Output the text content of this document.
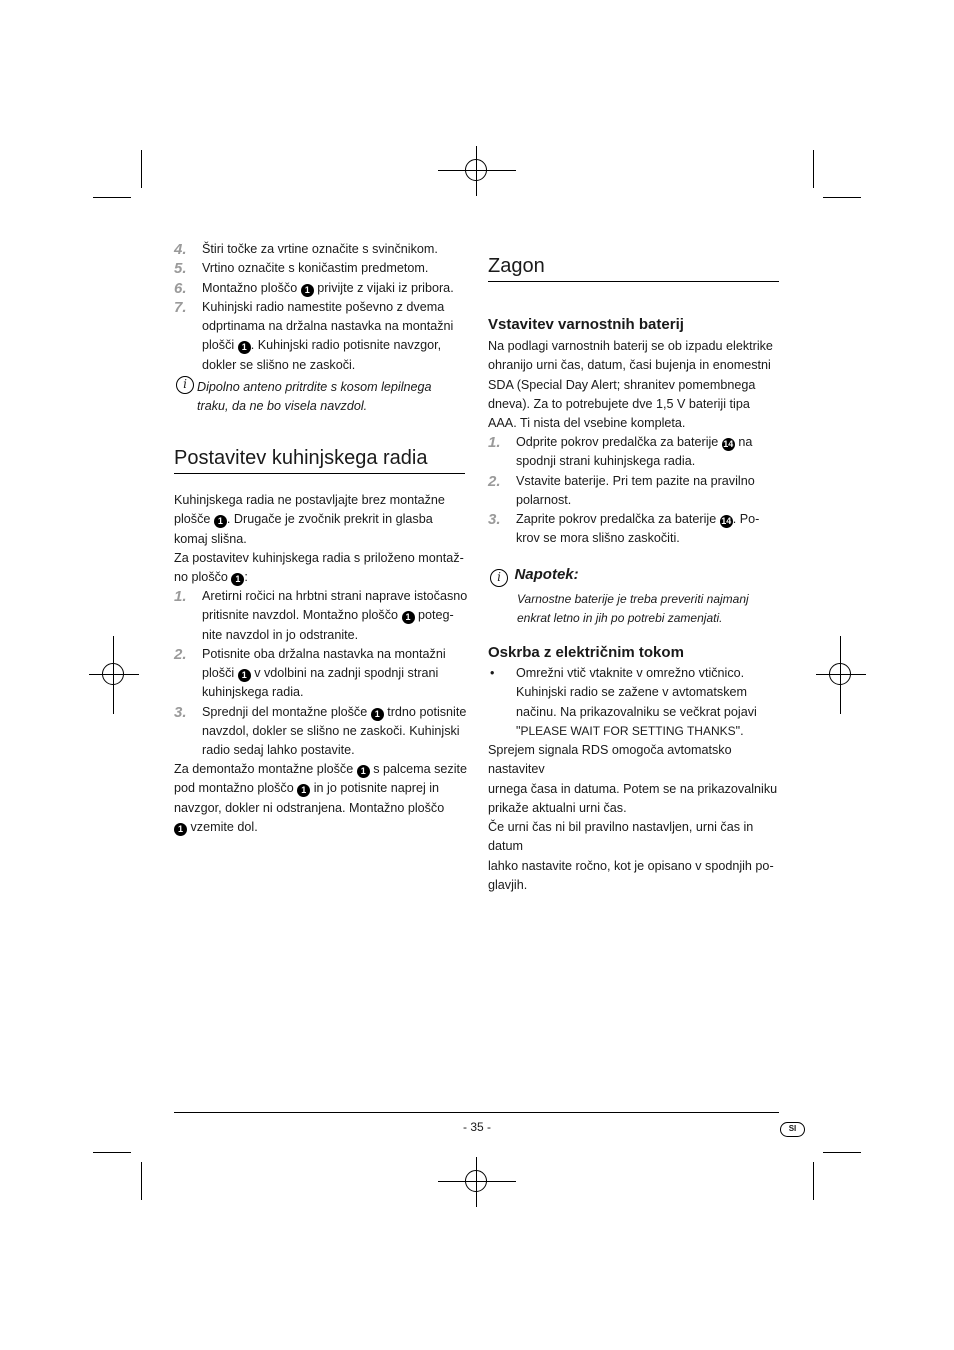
4. Štiri točke za vrtine označite s svinčnikom.
5. Vrtino označite s koničastim predmetom.
6. Montažno ploščo 1 privijte z vijaki iz pribora.
7. Kuhinjski radio namestite poševno z dvema
odprtinama na držalna nastavka na montažni
plošči 1 . Kuhinjski radio potisnite navzgor,
dokler se slišno ne zaskoči.
i Dipolno anteno pritrdite s kosom lepilnega
traku, da ne bo visela navzdol.
Postavitev kuhinjskega radia
Kuhinjskega radia ne postavljajte brez montažne
plošče 1 . Drugače je zvočnik prekrit in glasba
komaj slišna.
Za postavitev kuhinjskega radia s priloženo montaž-
no ploščo 1 :
1. Aretirni ročici na hrbtni strani naprave istočasno
pritisnite navzdol. Montažno ploščo 1 poteg-
nite navzdol in jo odstranite.
2. Potisnite oba držalna nastavka na montažni
plošči 1 v vdolbini na zadnji spodnji strani
kuhinjskega radia.
3. Sprednji del montažne plošče 1 trdno potisnite
navzdol, dokler se slišno ne zaskoči. Kuhinjski
radio sedaj lahko postavite.
Za demontažo montažne plošče 1 s palcema sezite
pod montažno ploščo 1 in jo potisnite naprej in
navzgor, dokler ni odstranjena. Montažno ploščo
1 vzemite dol.
Zagon
Vstavitev varnostnih baterij
Na podlagi varnostnih baterij se ob izpadu elektrike
ohranijo urni čas, datum, časi bujenja in enomestni
SDA (Special Day Alert; shranitev pomembnega
dneva). Za to potrebujete dve 1,5 V bateriji tipa
AAA. Ti nista del vsebine kompleta.
1. Odprite pokrov predalčka za baterije 14 na
spodnji strani kuhinjskega radia.
2. Vstavite baterije. Pri tem pazite na pravilno
polarnost.
3. Zaprite pokrov predalčka za baterije 14 . Po-
krov se mora slišno zaskočiti.
i Napotek:
Varnostne baterije je treba preveriti najmanj
enkrat letno in jih po potrebi zamenjati.
Oskrba z električnim tokom
• Omrežni vtič vtaknite v omrežno vtičnico.
Kuhinjski radio se zažene v avtomatskem
načinu. Na prikazovalniku se večkrat pojavi
"PLEASE WAIT FOR SETTING THANKS".
Sprejem signala RDS omogoča avtomatsko nastavitev
urnega časa in datuma. Potem se na prikazovalniku
prikaže aktualni urni čas.
Če urni čas ni bil pravilno nastavljen, urni čas in datum
lahko nastavite ročno, kot je opisano v spodnjih po-
glavjih.
- 35 -	SI
